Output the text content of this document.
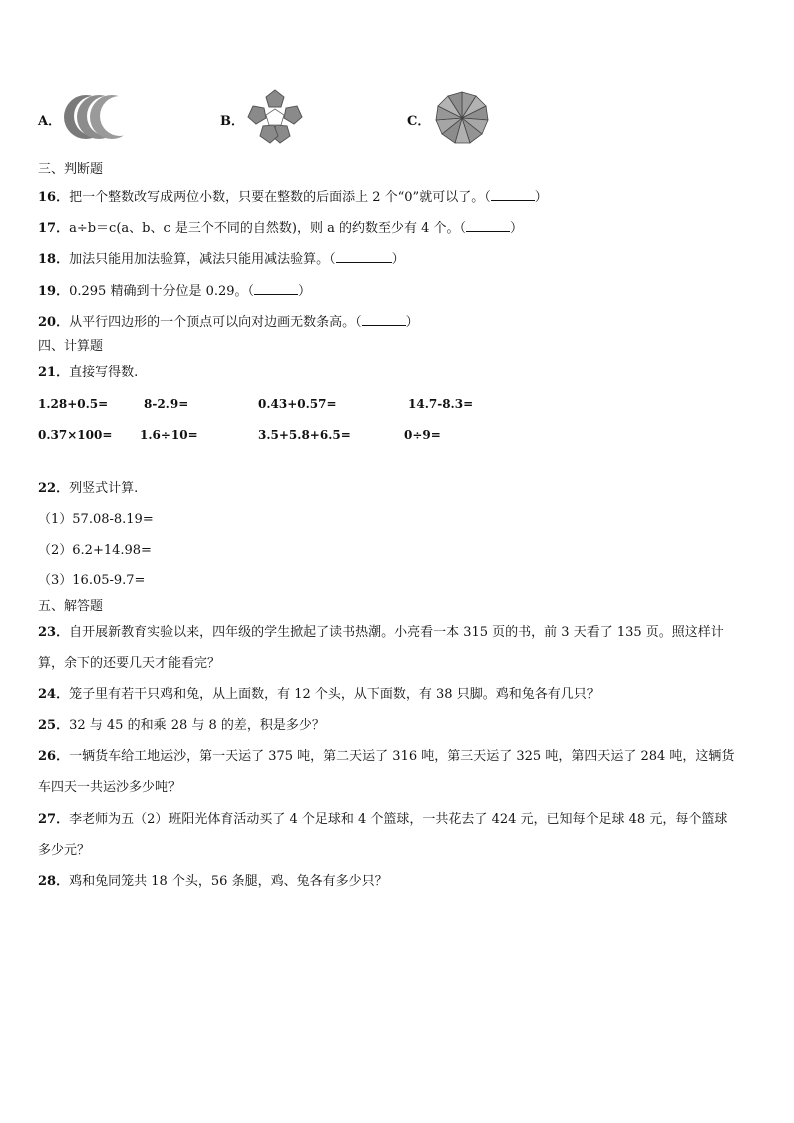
A．	B．	C．
三、判断题
16．把一个整数改写成两位小数，只要在整数的后面添上 2 个“0”就可以了。（	）
17．a÷b＝c(a、b、c 是三个不同的自然数)，则 a 的约数至少有 4 个。（	）
18．加法只能用加法验算，减法只能用减法验算。（	）
19．0.295 精确到十分位是 0.29。（	）
20．从平行四边形的一个顶点可以向对边画无数条高。（	）
四、计算题
21．直接写得数.
1.28+0.5=	8-2.9=	0.43+0.57=	14.7-8.3=
0.37×100= 1.6÷10=	3.5+5.8+6.5=	0÷9=
22．列竖式计算.
（1）57.08-8.19=
（2）6.2+14.98=
（3）16.05-9.7=
五、解答题
23．自开展新教育实验以来，四年级的学生掀起了读书热潮。小亮看一本 315 页的书，前 3 天看了 135 页。照这样计
算，余下的还要几天才能看完？
24．笼子里有若干只鸡和兔，从上面数，有 12 个头，从下面数，有 38 只脚。鸡和兔各有几只？
25．32 与 45 的和乘 28 与 8 的差，积是多少？
26．一辆货车给工地运沙，第一天运了 375 吨，第二天运了 316 吨，第三天运了 325 吨，第四天运了 284 吨，这辆货
车四天一共运沙多少吨？
27．李老师为五（2）班阳光体育活动买了 4 个足球和 4 个篮球，一共花去了 424 元，已知每个足球 48 元，每个篮球
多少元？
28．鸡和兔同笼共 18 个头，56 条腿，鸡、兔各有多少只？
